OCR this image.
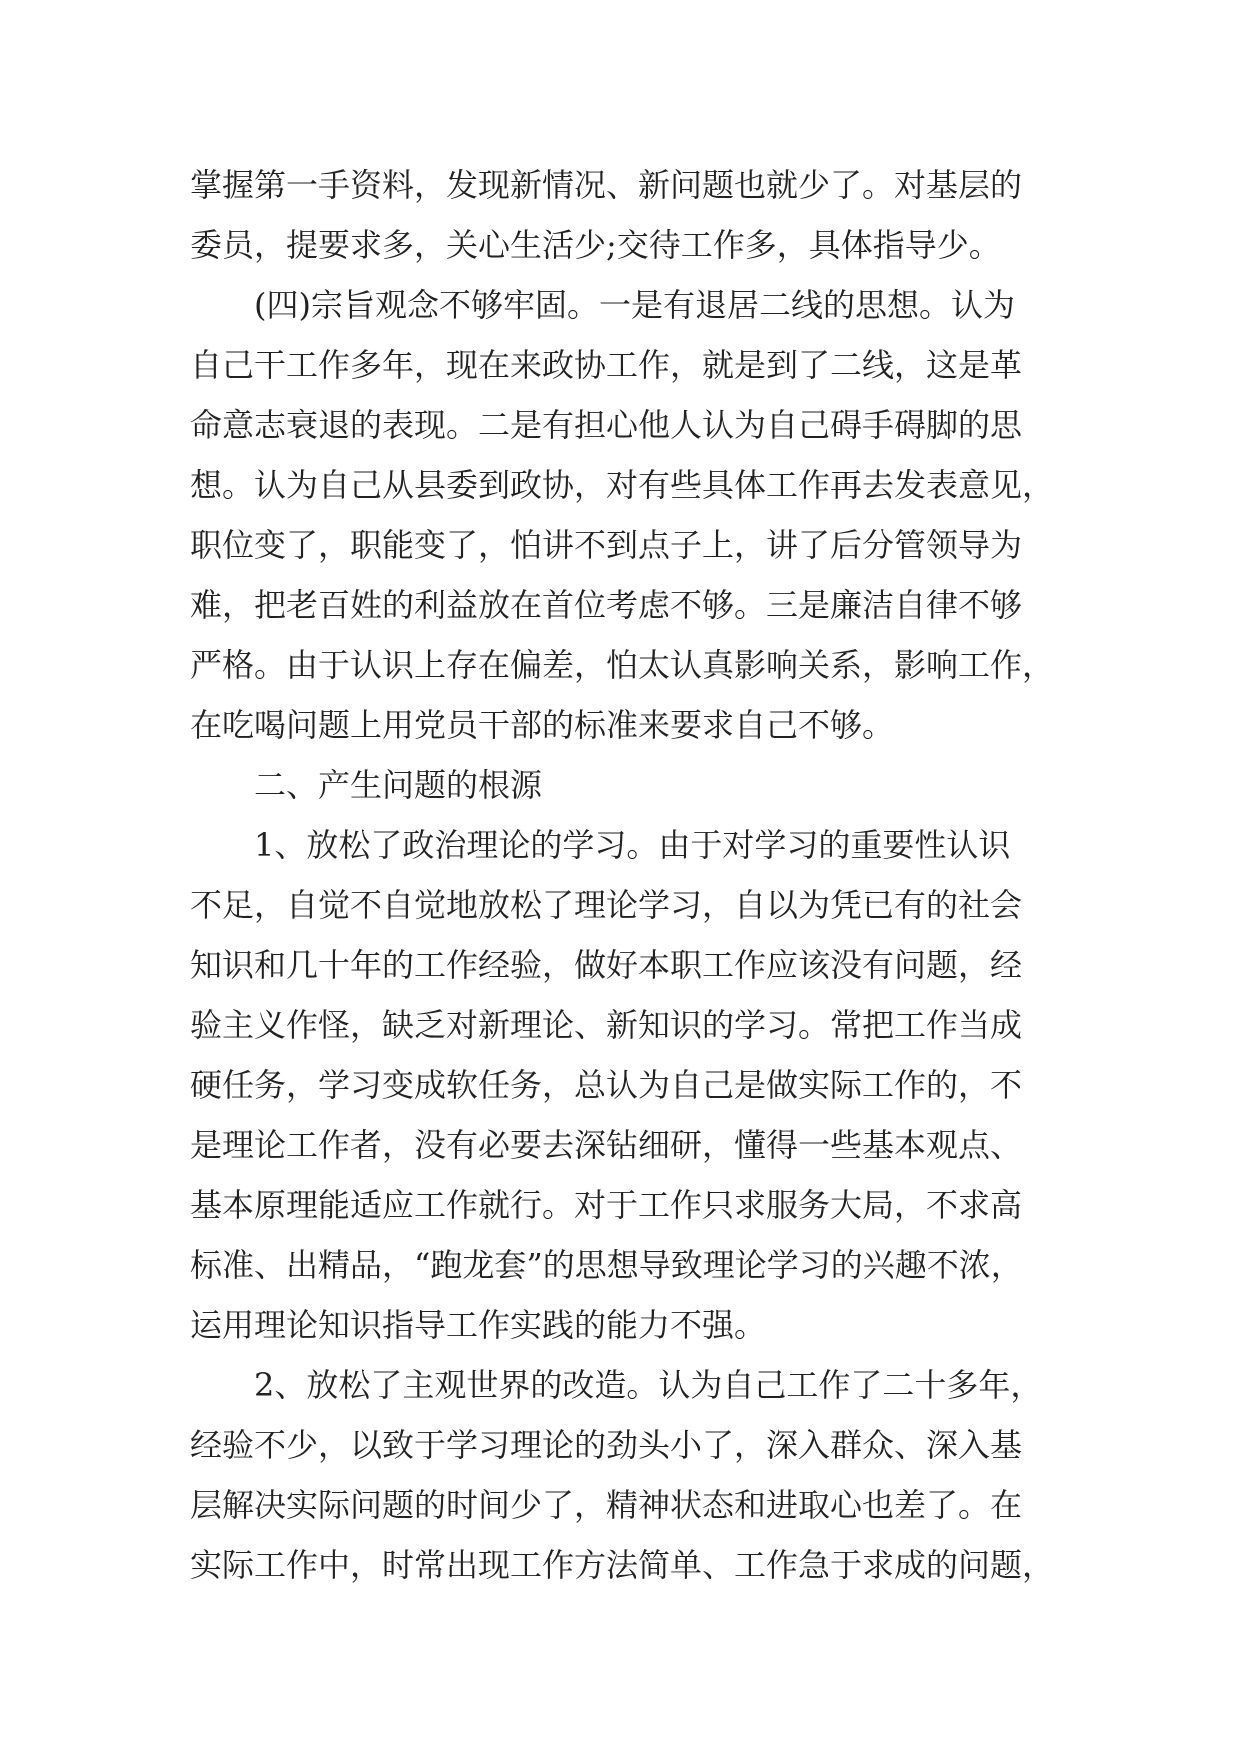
掌握第一手资料，发现新情况、新问题也就少了。对基层的
委员，提要求多，关心生活少;交待工作多，具体指导少。
　　(四)宗旨观念不够牢固。一是有退居二线的思想。认为
自己干工作多年，现在来政协工作，就是到了二线，这是革
命意志衰退的表现。二是有担心他人认为自己碍手碍脚的思
想。认为自己从县委到政协，对有些具体工作再去发表意见，
职位变了，职能变了，怕讲不到点子上，讲了后分管领导为
难，把老百姓的利益放在首位考虑不够。三是廉洁自律不够
严格。由于认识上存在偏差，怕太认真影响关系，影响工作，
在吃喝问题上用党员干部的标准来要求自己不够。
　　二、产生问题的根源
　　1、放松了政治理论的学习。由于对学习的重要性认识
不足，自觉不自觉地放松了理论学习，自以为凭已有的社会
知识和几十年的工作经验，做好本职工作应该没有问题，经
验主义作怪，缺乏对新理论、新知识的学习。常把工作当成
硬任务，学习变成软任务，总认为自己是做实际工作的，不
是理论工作者，没有必要去深钻细研，懂得一些基本观点、
基本原理能适应工作就行。对于工作只求服务大局，不求高
标准、出精品，“跑龙套”的思想导致理论学习的兴趣不浓，
运用理论知识指导工作实践的能力不强。
　　2、放松了主观世界的改造。认为自己工作了二十多年，
经验不少，以致于学习理论的劲头小了，深入群众、深入基
层解决实际问题的时间少了，精神状态和进取心也差了。在
实际工作中，时常出现工作方法简单、工作急于求成的问题，
